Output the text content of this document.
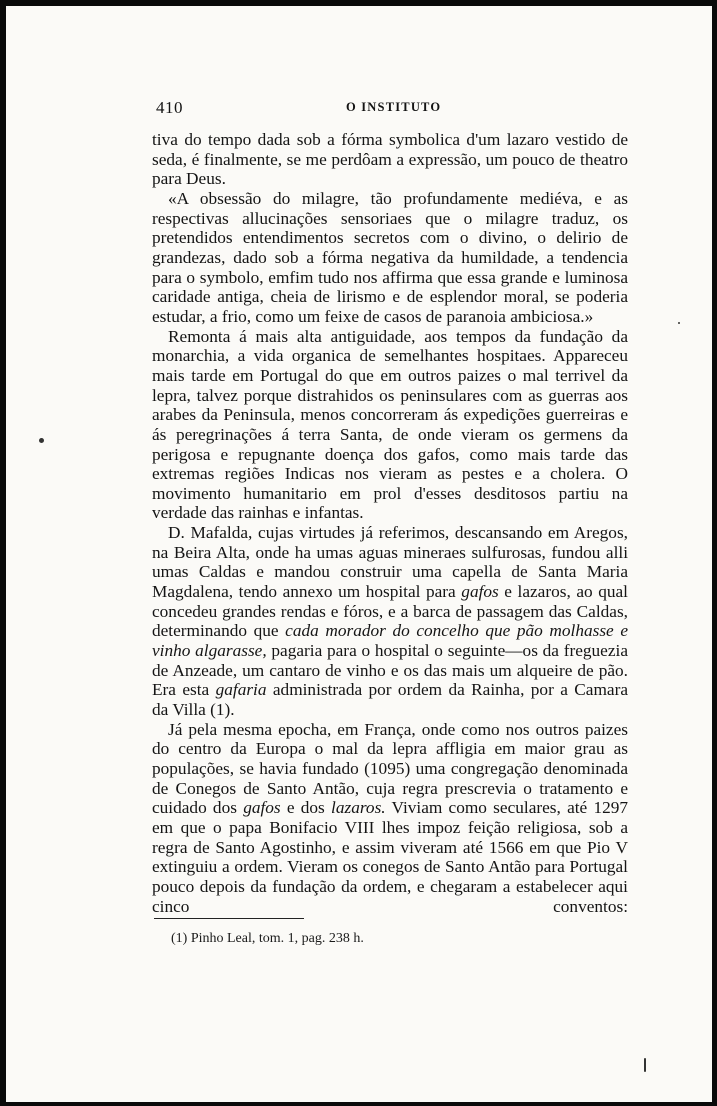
410	O INSTITUTO

tiva do tempo dada sob a fórma symbolica d'um lazaro vestido de seda, é finalmente, se me perdôam a expressão, um pouco de theatro para Deus.

«A obsessão do milagre, tão profundamente mediéva, e as respectivas allucinações sensoriaes que o milagre traduz, os pretendidos entendimentos secretos com o divino, o delirio de grandezas, dado sob a fórma negativa da humildade, a tendencia para o symbolo, emfim tudo nos affirma que essa grande e luminosa caridade antiga, cheia de lirismo e de esplendor moral, se poderia estudar, a frio, como um feixe de casos de paranoia ambiciosa.»

Remonta á mais alta antiguidade, aos tempos da fundação da monarchia, a vida organica de semelhantes hospitaes. Appareceu mais tarde em Portugal do que em outros paizes o mal terrivel da lepra, talvez porque distrahidos os peninsulares com as guerras aos arabes da Peninsula, menos concorreram ás expedições guerreiras e ás peregrinações á terra Santa, de onde vieram os germens da perigosa e repugnante doença dos gafos, como mais tarde das extremas regiões Indicas nos vieram as pestes e a cholera. O movimento humanitario em prol d'esses desditosos partiu na verdade das rainhas e infantas.

D. Mafalda, cujas virtudes já referimos, descansando em Aregos, na Beira Alta, onde ha umas aguas mineraes sulfurosas, fundou alli umas Caldas e mandou construir uma capella de Santa Maria Magdalena, tendo annexo um hospital para gafos e lazaros, ao qual concedeu grandes rendas e fóros, e a barca de passagem das Caldas, determinando que cada morador do concelho que pão molhasse e vinho algarasse, pagaria para o hospital o seguinte—os da freguezia de Anzeade, um cantaro de vinho e os das mais um alqueire de pão. Era esta gafaria administrada por ordem da Rainha, por a Camara da Villa (1).

Já pela mesma epocha, em França, onde como nos outros paizes do centro da Europa o mal da lepra affligia em maior grau as populações, se havia fundado (1095) uma congregação denominada de Conegos de Santo Antão, cuja regra prescrevia o tratamento e cuidado dos gafos e dos lazaros. Viviam como seculares, até 1297 em que o papa Bonifacio VIII lhes impoz feição religiosa, sob a regra de Santo Agostinho, e assim viveram até 1566 em que Pio V extinguiu a ordem. Vieram os conegos de Santo Antão para Portugal pouco depois da fundação da ordem, e chegaram a estabelecer aqui cinco conventos:

(1) Pinho Leal, tom. 1, pag. 238 h.
